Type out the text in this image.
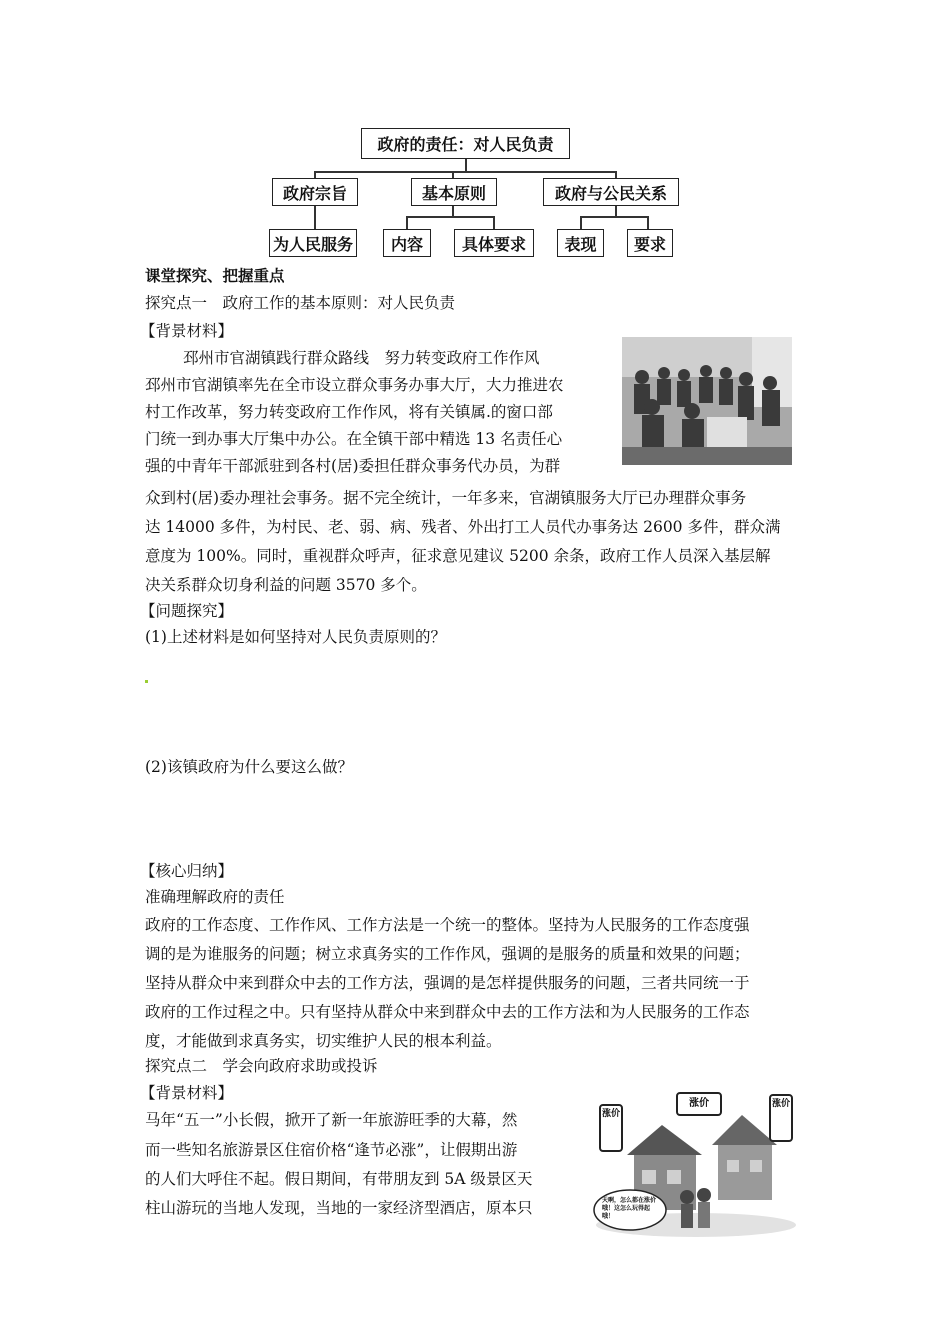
政府的责任：对人民负责
政府宗旨	基本原则	政府与公民关系
为人民服务	内容	具体要求	表现	要求
课堂探究、把握重点
探究点一　政府工作的基本原则：对人民负责
【背景材料】
邳州市官湖镇践行群众路线　努力转变政府工作作风
邳州市官湖镇率先在全市设立群众事务办事大厅，大力推进农
村工作改革，努力转变政府工作作风，将有关镇属.的窗口部
门统一到办事大厅集中办公。在全镇干部中精选 13 名责任心
强的中青年干部派驻到各村(居)委担任群众事务代办员，为群
众到村(居)委办理社会事务。据不完全统计，一年多来，官湖镇服务大厅已办理群众事务
达 14000 多件，为村民、老、弱、病、残者、外出打工人员代办事务达 2600 多件，群众满
意度为 100%。同时，重视群众呼声，征求意见建议 5200 余条，政府工作人员深入基层解
决关系群众切身利益的问题 3570 多个。
【问题探究】
(1)上述材料是如何坚持对人民负责原则的？
(2)该镇政府为什么要这么做？
【核心归纳】
准确理解政府的责任
政府的工作态度、工作作风、工作方法是一个统一的整体。坚持为人民服务的工作态度强
调的是为谁服务的问题；树立求真务实的工作作风，强调的是服务的质量和效果的问题；
坚持从群众中来到群众中去的工作方法，强调的是怎样提供服务的问题，三者共同统一于
政府的工作过程之中。只有坚持从群众中来到群众中去的工作方法和为人民服务的工作态
度，才能做到求真务实，切实维护人民的根本利益。
探究点二　学会向政府求助或投诉
【背景材料】
马年“五一”小长假，掀开了新一年旅游旺季的大幕，然
而一些知名旅游景区住宿价格“逢节必涨”，让假期出游
的人们大呼住不起。假日期间，有带朋友到 5A 级景区天
柱山游玩的当地人发现，当地的一家经济型酒店，原本只
涨价
涨价	涨价
天啊，怎么都在涨价哦！这怎么玩得起哦！
